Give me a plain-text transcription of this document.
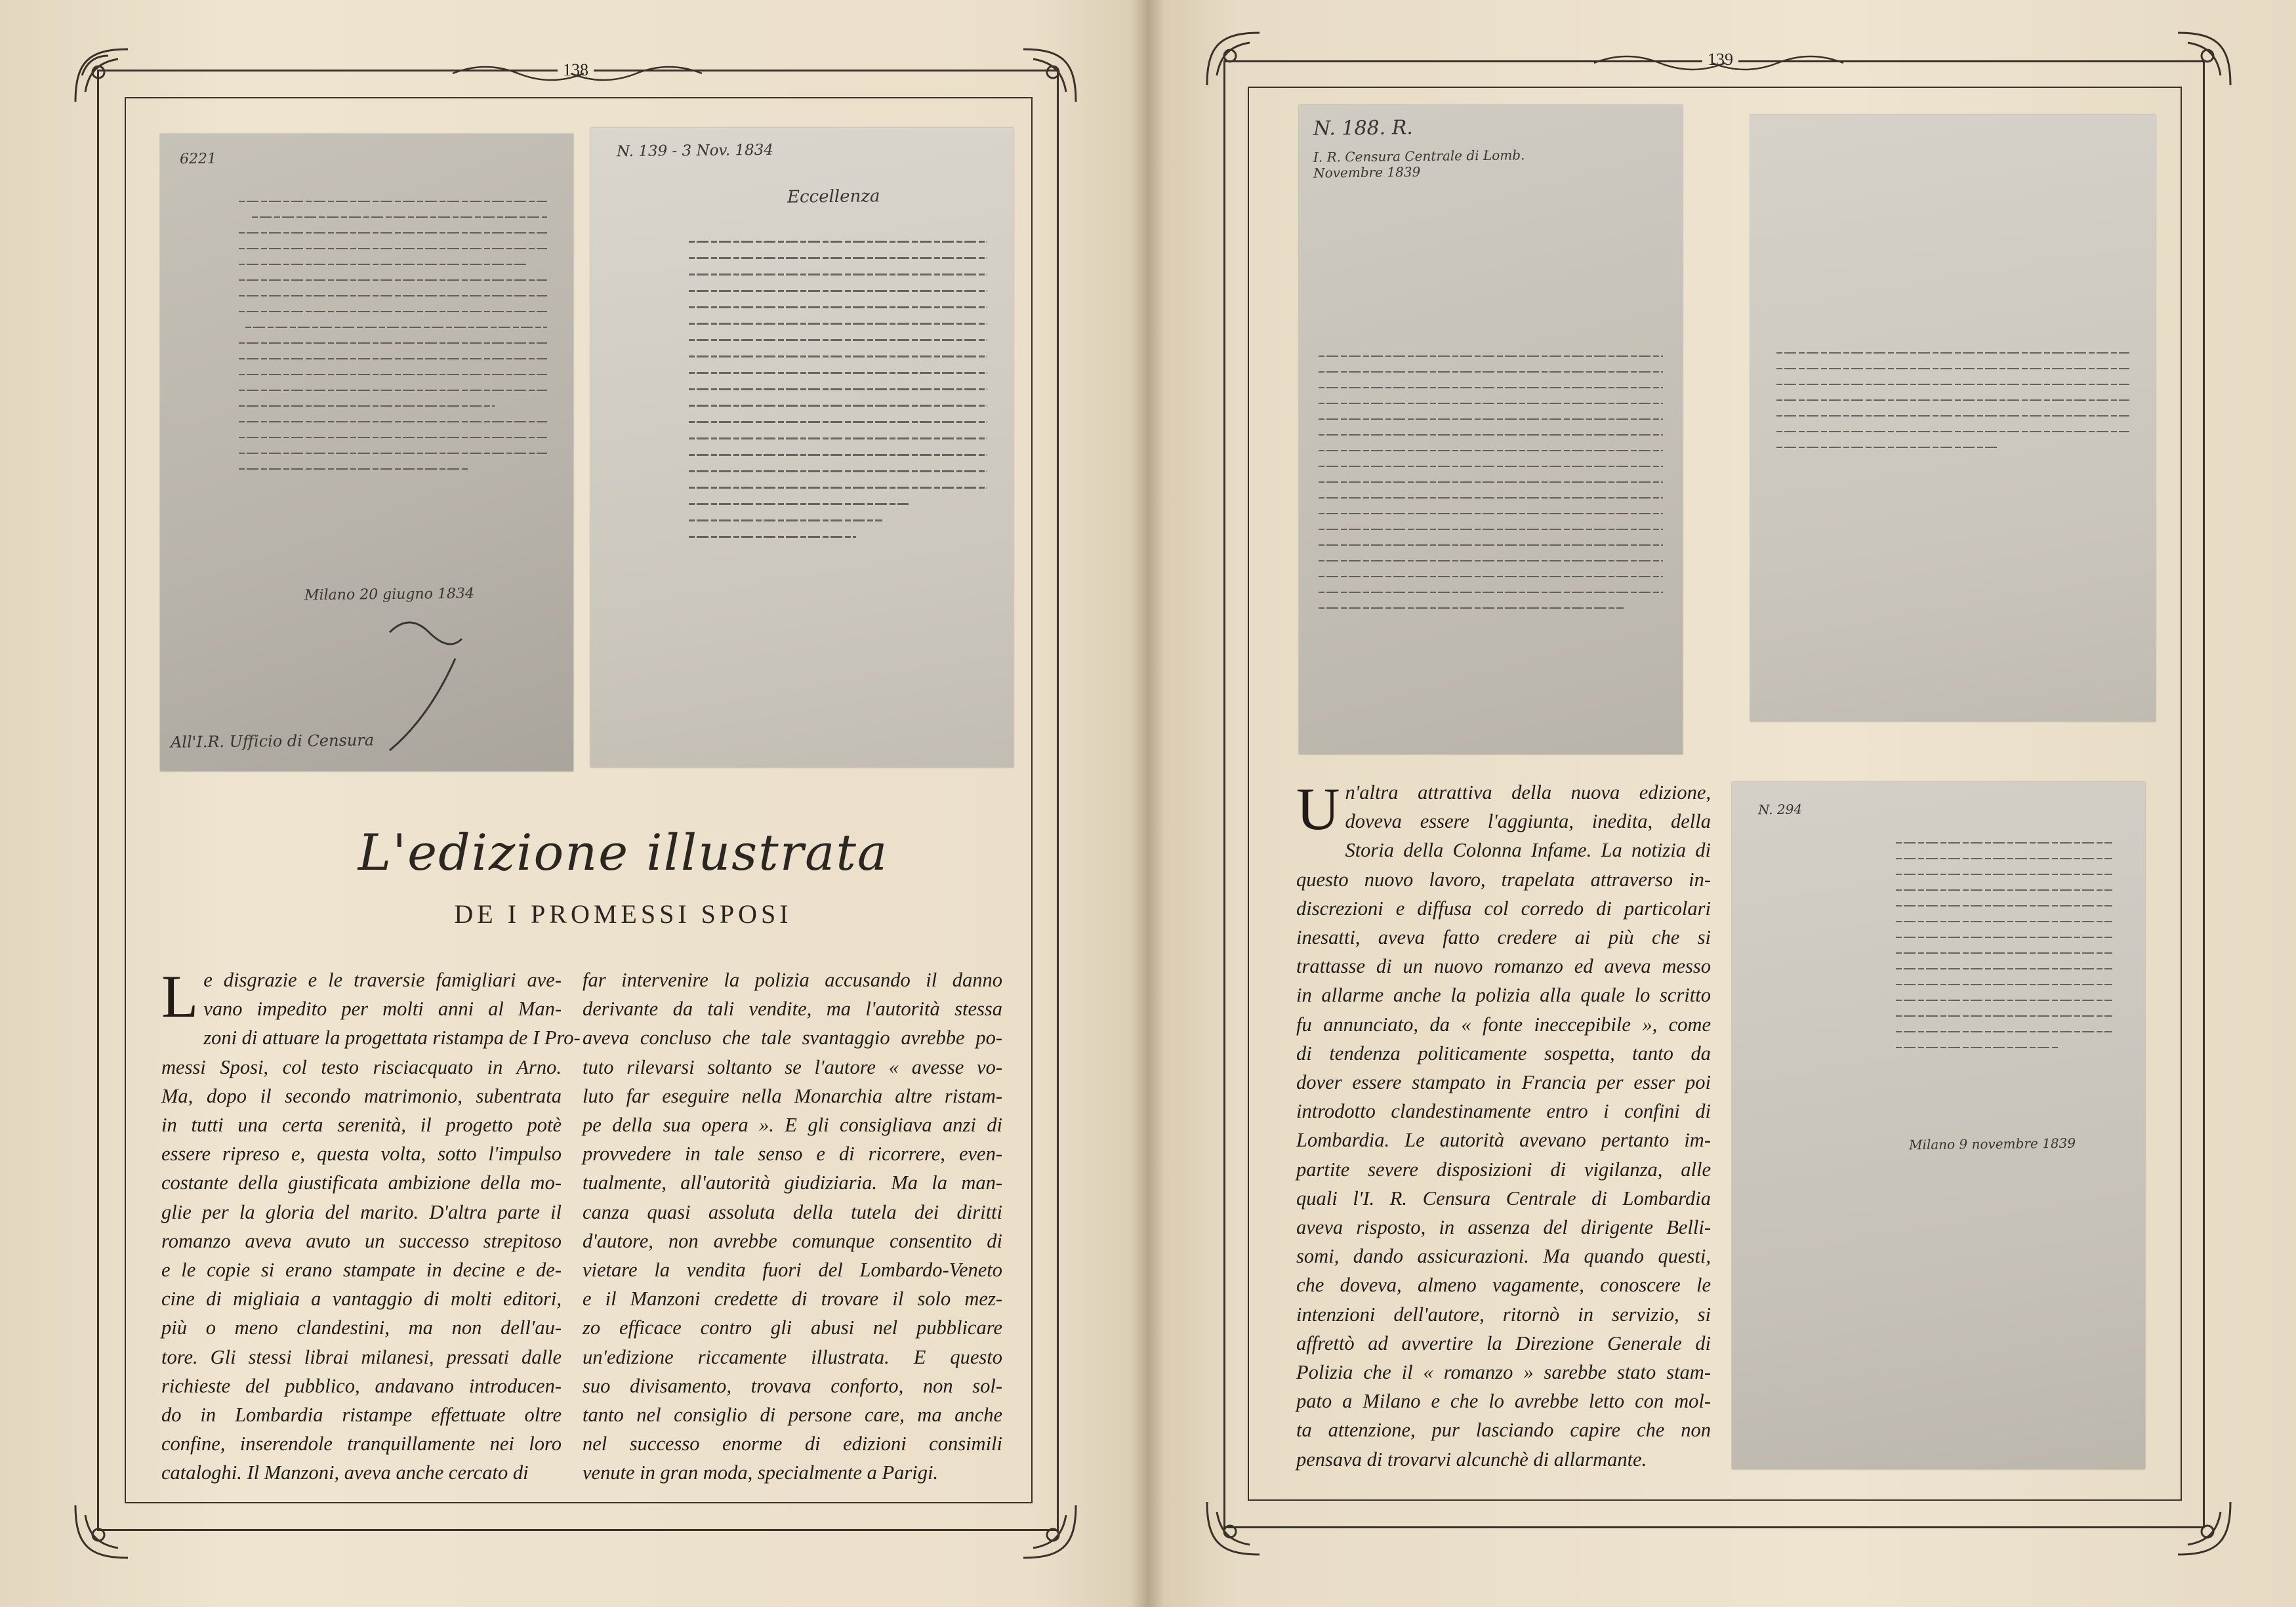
138
6221
Milano 20 giugno 1834
All'I.R. Ufficio di Censura
N. 139 - 3 Nov. 1834
Eccellenza
L'edizione illustrata
DE I PROMESSI SPOSI
L e disgrazie e le traversie famigliari ave-
vano impedito per molti anni al Man-
zoni di attuare la progettata ristampa de I Pro-
messi Sposi, col testo risciacquato in Arno.
Ma, dopo il secondo matrimonio, subentrata
in tutti una certa serenità, il progetto potè
essere ripreso e, questa volta, sotto l'impulso
costante della giustificata ambizione della mo-
glie per la gloria del marito. D'altra parte il
romanzo aveva avuto un successo strepitoso
e le copie si erano stampate in decine e de-
cine di migliaia a vantaggio di molti editori,
più o meno clandestini, ma non dell'au-
tore. Gli stessi librai milanesi, pressati dalle
richieste del pubblico, andavano introducen-
do in Lombardia ristampe effettuate oltre
confine, inserendole tranquillamente nei loro
cataloghi. Il Manzoni, aveva anche cercato di
far intervenire la polizia accusando il danno
derivante da tali vendite, ma l'autorità stessa
aveva concluso che tale svantaggio avrebbe po-
tuto rilevarsi soltanto se l'autore « avesse vo-
luto far eseguire nella Monarchia altre ristam-
pe della sua opera ». E gli consigliava anzi di
provvedere in tale senso e di ricorrere, even-
tualmente, all'autorità giudiziaria. Ma la man-
canza quasi assoluta della tutela dei diritti
d'autore, non avrebbe comunque consentito di
vietare la vendita fuori del Lombardo-Veneto
e il Manzoni credette di trovare il solo mez-
zo efficace contro gli abusi nel pubblicare
un'edizione riccamente illustrata. E questo
suo divisamento, trovava conforto, non sol-
tanto nel consiglio di persone care, ma anche
nel successo enorme di edizioni consimili
venute in gran moda, specialmente a Parigi.
139
N. 188. R.
I. R. Censura Centrale di Lomb.
Novembre 1839
N. 294
Milano 9 novembre 1839
U n'altra attrattiva della nuova edizione,
doveva essere l'aggiunta, inedita, della
Storia della Colonna Infame. La notizia di
questo nuovo lavoro, trapelata attraverso in-
discrezioni e diffusa col corredo di particolari
inesatti, aveva fatto credere ai più che si
trattasse di un nuovo romanzo ed aveva messo
in allarme anche la polizia alla quale lo scritto
fu annunciato, da « fonte ineccepibile », come
di tendenza politicamente sospetta, tanto da
dover essere stampato in Francia per esser poi
introdotto clandestinamente entro i confini di
Lombardia. Le autorità avevano pertanto im-
partite severe disposizioni di vigilanza, alle
quali l'I. R. Censura Centrale di Lombardia
aveva risposto, in assenza del dirigente Belli-
somi, dando assicurazioni. Ma quando questi,
che doveva, almeno vagamente, conoscere le
intenzioni dell'autore, ritornò in servizio, si
affrettò ad avvertire la Direzione Generale di
Polizia che il « romanzo » sarebbe stato stam-
pato a Milano e che lo avrebbe letto con mol-
ta attenzione, pur lasciando capire che non
pensava di trovarvi alcunchè di allarmante.
